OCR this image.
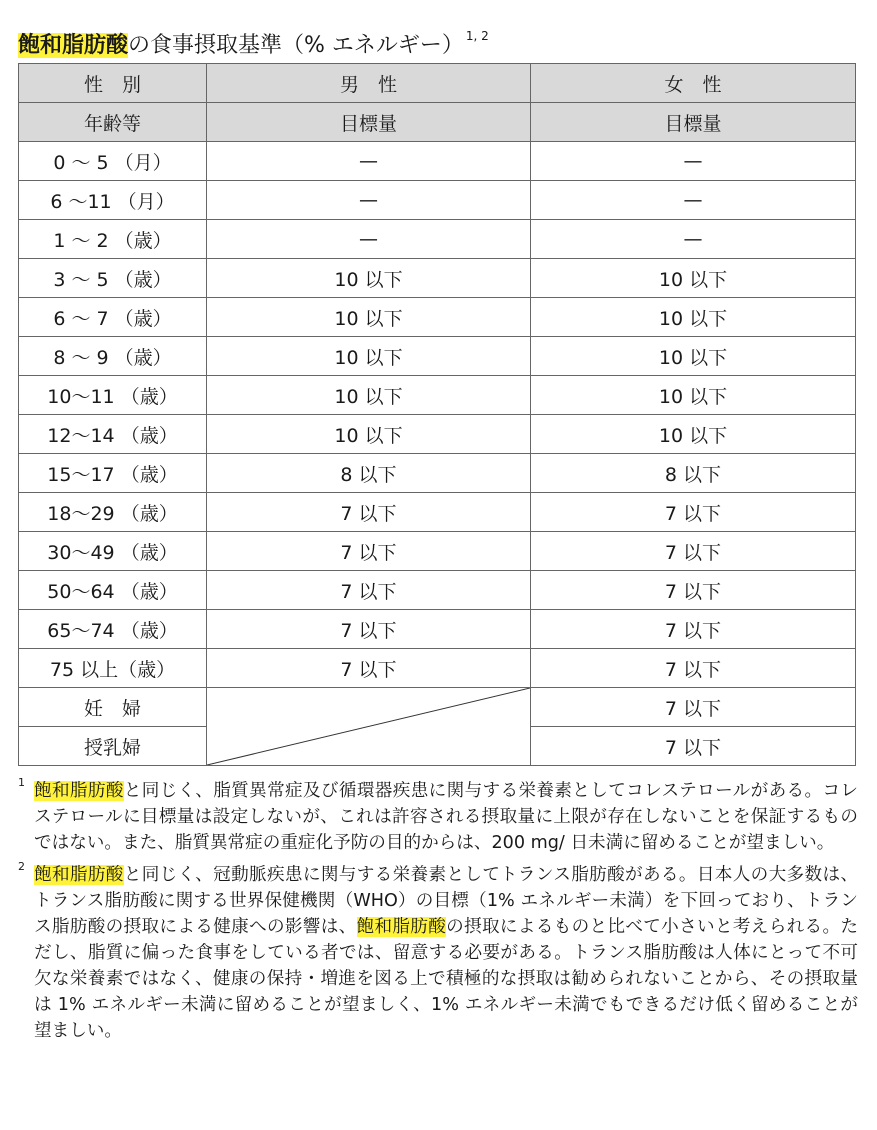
飽和脂肪酸の食事摂取基準（% エネルギー） $^{1, 2}$
性　別	男　性	女　性
年齢等	目標量	目標量
0 〜 5 （月）	—	—
6 〜11 （月）	—	—
1 〜 2 （歳）	—	—
3 〜 5 （歳）	10 以下	10 以下
6 〜 7 （歳）	10 以下	10 以下
8 〜 9 （歳）	10 以下	10 以下
10〜11 （歳）	10 以下	10 以下
12〜14 （歳）	10 以下	10 以下
15〜17 （歳）	8 以下	8 以下
18〜29 （歳）	7 以下	7 以下
30〜49 （歳）	7 以下	7 以下
50〜64 （歳）	7 以下	7 以下
65〜74 （歳）	7 以下	7 以下
75 以上（歳）	7 以下	7 以下
妊　婦		7 以下
授乳婦		7 以下
1 飽和脂肪酸と同じく、脂質異常症及び循環器疾患に関与する栄養素としてコレステロールがある。コレステロールに目標量は設定しないが、これは許容される摂取量に上限が存在しないことを保証するものではない。また、脂質異常症の重症化予防の目的からは、200 mg/ 日未満に留めることが望ましい。
2 飽和脂肪酸と同じく、冠動脈疾患に関与する栄養素としてトランス脂肪酸がある。日本人の大多数は、トランス脂肪酸に関する世界保健機関（WHO）の目標（1% エネルギー未満）を下回っており、トランス脂肪酸の摂取による健康への影響は、飽和脂肪酸の摂取によるものと比べて小さいと考えられる。ただし、脂質に偏った食事をしている者では、留意する必要がある。トランス脂肪酸は人体にとって不可欠な栄養素ではなく、健康の保持・増進を図る上で積極的な摂取は勧められないことから、その摂取量は 1% エネルギー未満に留めることが望ましく、1% エネルギー未満でもできるだけ低く留めることが望ましい。
